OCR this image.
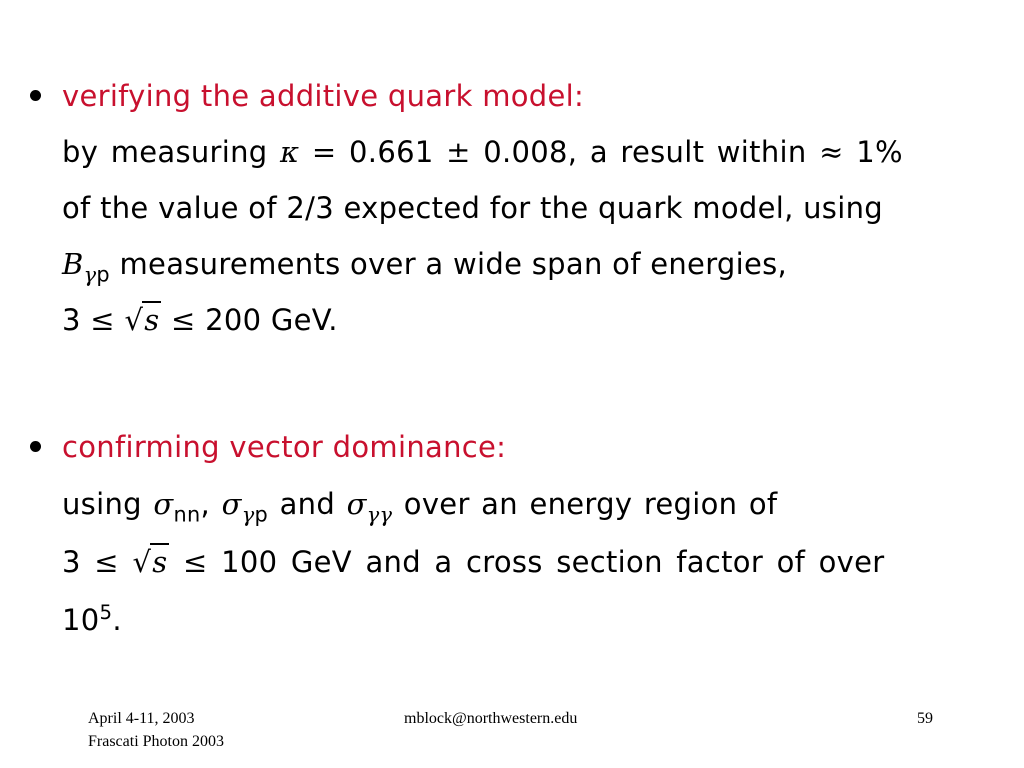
verifying the additive quark model:

by measuring κ = 0.661 ± 0.008, a result within ≈ 1%

of the value of 2/3 expected for the quark model, using

$B_{\gamma p}$ measurements over a wide span of energies,

3 ≤ √s ≤ 200 GeV.

confirming vector dominance:

using $\sigma_{nn}$, $\sigma_{\gamma p}$ and $\sigma_{\gamma\gamma}$ over an energy region of

3 ≤ √s ≤ 100 GeV and a cross section factor of over

$10^5$.

April 4-11, 2003
Frascati Photon 2003
mblock@northwestern.edu	59
